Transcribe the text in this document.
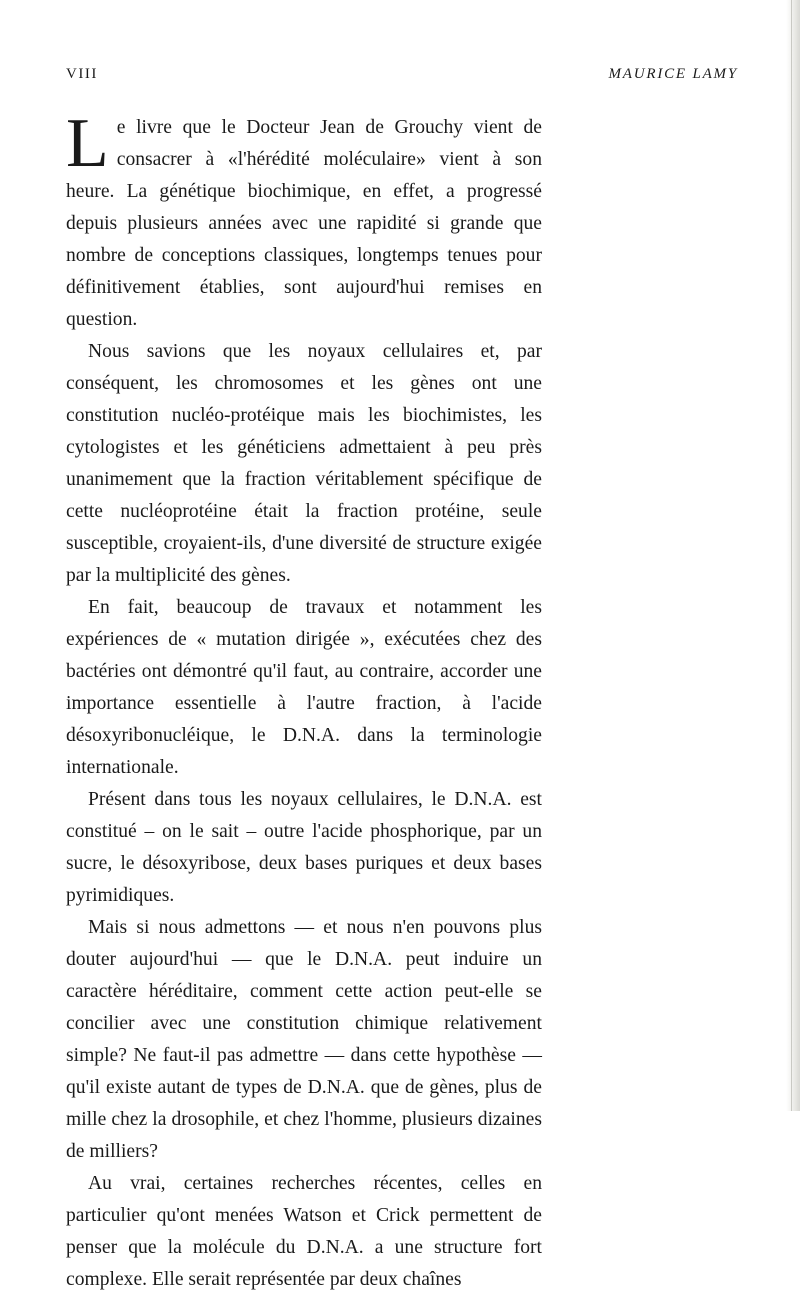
VIII	MAURICE LAMY

Le livre que le Docteur Jean de Grouchy vient de consacrer à «l'hérédité moléculaire» vient à son heure. La génétique biochimique, en effet, a progressé depuis plusieurs années avec une rapidité si grande que nombre de conceptions classiques, longtemps tenues pour définitivement établies, sont aujourd'hui remises en question.

Nous savions que les noyaux cellulaires et, par conséquent, les chromosomes et les gènes ont une constitution nucléo-protéique mais les biochimistes, les cytologistes et les généticiens admettaient à peu près unanimement que la fraction véritablement spécifique de cette nucléoprotéine était la fraction protéine, seule susceptible, croyaient-ils, d'une diversité de structure exigée par la multiplicité des gènes.

En fait, beaucoup de travaux et notamment les expériences de « mutation dirigée », exécutées chez des bactéries ont démontré qu'il faut, au contraire, accorder une importance essentielle à l'autre fraction, à l'acide désoxyribonucléique, le D.N.A. dans la terminologie internationale.

Présent dans tous les noyaux cellulaires, le D.N.A. est constitué – on le sait – outre l'acide phosphorique, par un sucre, le désoxyribose, deux bases puriques et deux bases pyrimidiques.

Mais si nous admettons — et nous n'en pouvons plus douter aujourd'hui — que le D.N.A. peut induire un caractère héréditaire, comment cette action peut-elle se concilier avec une constitution chimique relativement simple? Ne faut-il pas admettre — dans cette hypothèse — qu'il existe autant de types de D.N.A. que de gènes, plus de mille chez la drosophile, et chez l'homme, plusieurs dizaines de milliers?

Au vrai, certaines recherches récentes, celles en particulier qu'ont menées Watson et Crick permettent de penser que la molécule du D.N.A. a une structure fort complexe. Elle serait représentée par deux chaînes
